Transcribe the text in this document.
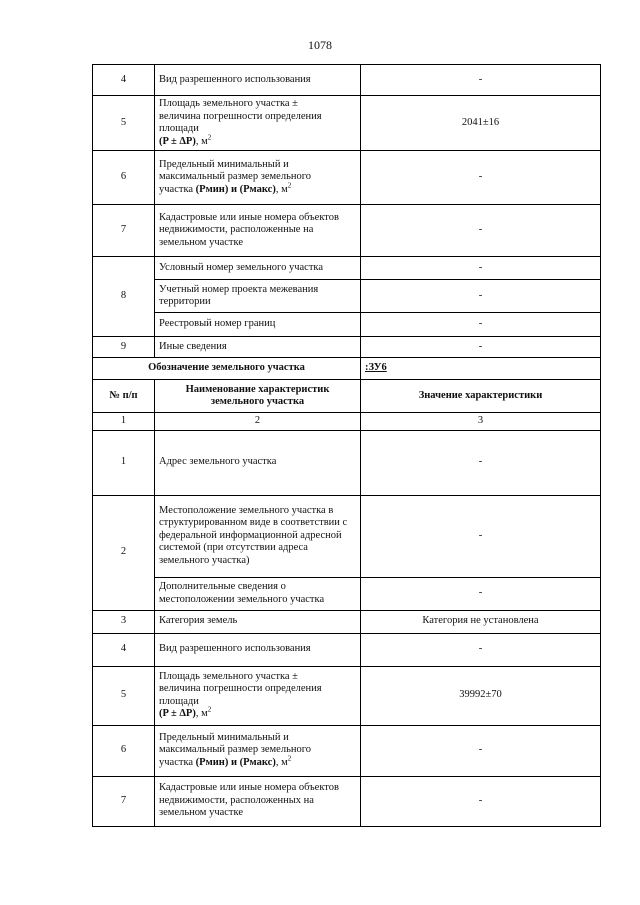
1078
4	Вид разрешенного использования	-
5	Площадь земельного участка ±
величина погрешности определения
площади
(P ± ΔP), $м^2$	2041±16
6	Предельный минимальный и
максимальный размер земельного
участка (Pмин) и (Pмакс), $м^2$	-
7	Кадастровые или иные номера объектов недвижимости, расположенные на земельном участке	-
8	Условный номер земельного участка	-
	Учетный номер проекта межевания территории	-
	Реестровый номер границ	-
9	Иные сведения	-
Обозначение земельного участка		:ЗУ6
№ п/п	Наименование характеристик земельного участка	Значение характеристики
1	2	3
1	Адрес земельного участка	-
2	Местоположение земельного участка в структурированном виде в соответствии с федеральной информационной адресной системой (при отсутствии адреса земельного участка)	-
	Дополнительные сведения о местоположении земельного участка	-
3	Категория земель	Категория не установлена
4	Вид разрешенного использования	-
5	Площадь земельного участка ±
величина погрешности определения
площади
(P ± ΔP), $м^2$	39992±70
6	Предельный минимальный и
максимальный размер земельного
участка (Pмин) и (Pмакс), $м^2$	-
7	Кадастровые или иные номера объектов недвижимости, расположенных на земельном участке	-
